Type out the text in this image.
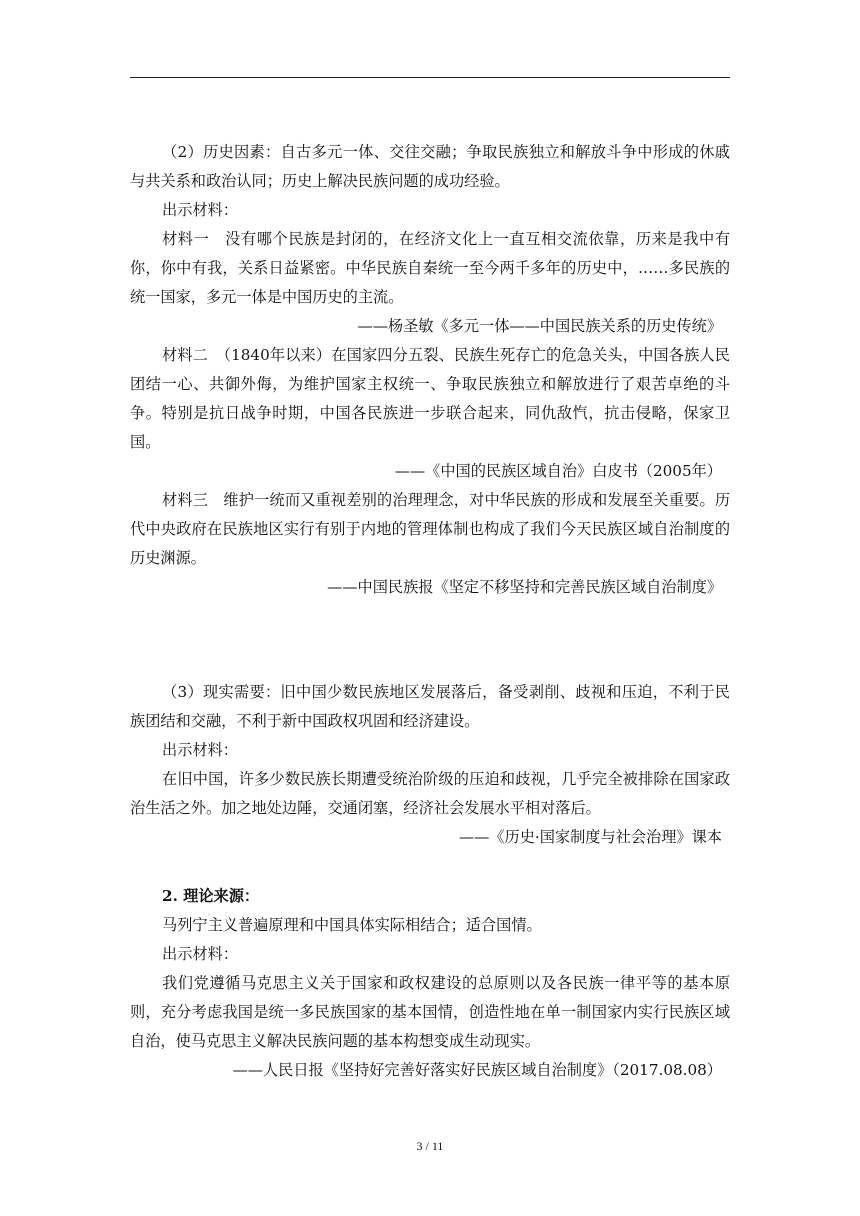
（2）历史因素：自古多元一体、交往交融；争取民族独立和解放斗争中形成的休戚与共关系和政治认同；历史上解决民族问题的成功经验。

出示材料：

材料一　没有哪个民族是封闭的，在经济文化上一直互相交流依靠，历来是我中有你，你中有我，关系日益紧密。中华民族自秦统一至今两千多年的历史中，……多民族的统一国家，多元一体是中国历史的主流。

——杨圣敏《多元一体——中国民族关系的历史传统》

材料二　（1840年以来）在国家四分五裂、民族生死存亡的危急关头，中国各族人民团结一心、共御外侮，为维护国家主权统一、争取民族独立和解放进行了艰苦卓绝的斗争。特别是抗日战争时期，中国各民族进一步联合起来，同仇敌忾，抗击侵略，保家卫国。

——《中国的民族区域自治》白皮书（2005年）

材料三　维护一统而又重视差别的治理理念，对中华民族的形成和发展至关重要。历代中央政府在民族地区实行有别于内地的管理体制也构成了我们今天民族区域自治制度的历史渊源。

——中国民族报《坚定不移坚持和完善民族区域自治制度》

（3）现实需要：旧中国少数民族地区发展落后，备受剥削、歧视和压迫，不利于民族团结和交融，不利于新中国政权巩固和经济建设。

出示材料：

在旧中国，许多少数民族长期遭受统治阶级的压迫和歧视，几乎完全被排除在国家政治生活之外。加之地处边陲，交通闭塞，经济社会发展水平相对落后。

——《历史·国家制度与社会治理》课本

2. 理论来源：

马列宁主义普遍原理和中国具体实际相结合；适合国情。

出示材料：

我们党遵循马克思主义关于国家和政权建设的总原则以及各民族一律平等的基本原则，充分考虑我国是统一多民族国家的基本国情，创造性地在单一制国家内实行民族区域自治，使马克思主义解决民族问题的基本构想变成生动现实。

——人民日报《坚持好完善好落实好民族区域自治制度》（2017.08.08）

3 / 11
